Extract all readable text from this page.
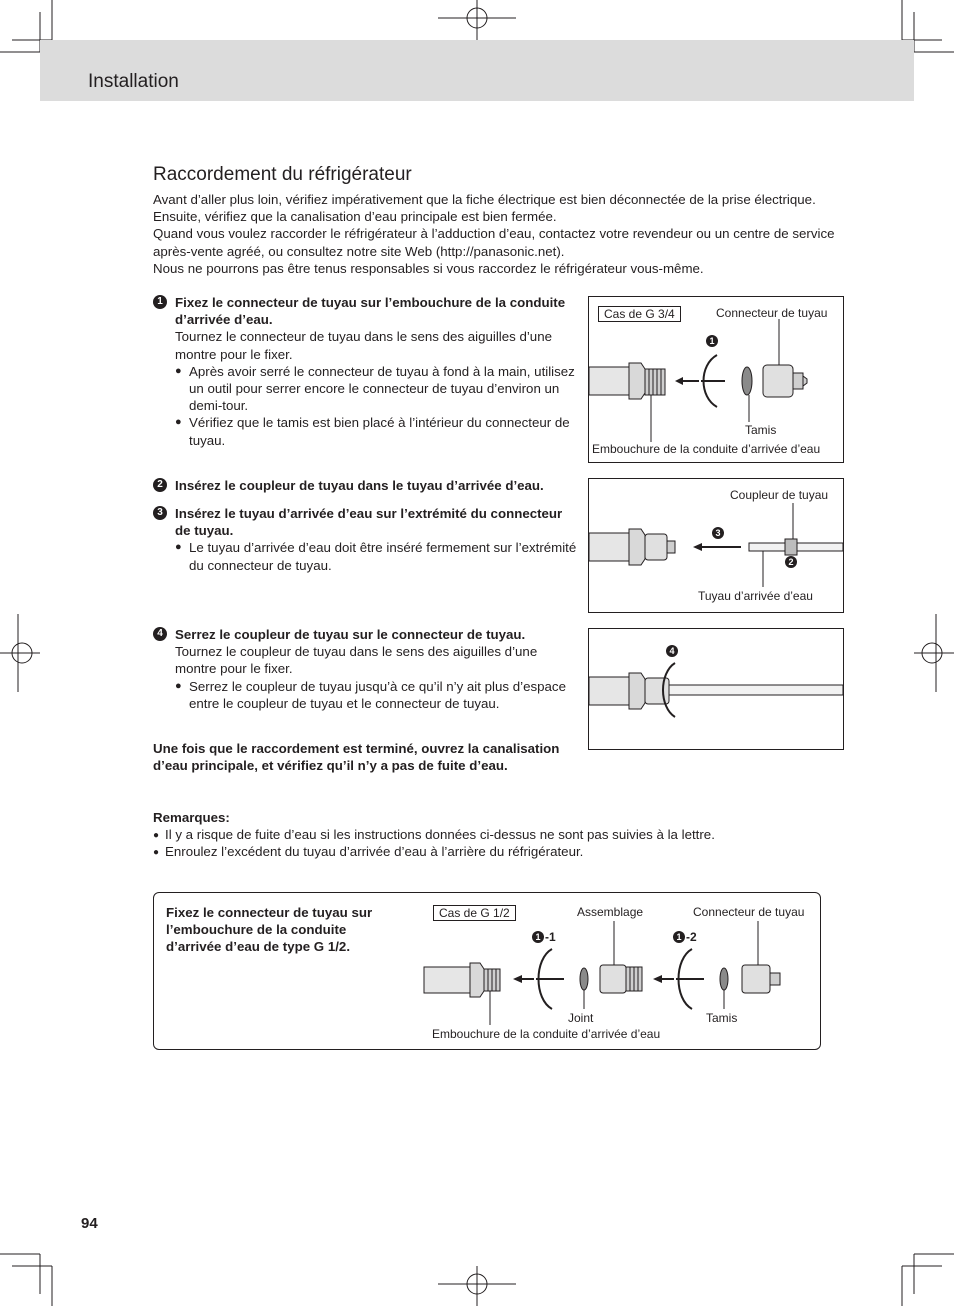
Installation
Raccordement du réfrigérateur

Avant d’aller plus loin, vérifiez impérativement que la fiche électrique est bien déconnectée de la prise électrique. Ensuite, vérifiez que la canalisation d’eau principale est bien fermée.

Quand vous voulez raccorder le réfrigérateur à l’adduction d’eau, contactez votre revendeur ou un centre de service après-vente agréé, ou consultez notre site Web (http://panasonic.net).

Nous ne pourrons pas être tenus responsables si vous raccordez le réfrigérateur vous-même.

1 Fixez le connecteur de tuyau sur l’embouchure de la conduite d’arrivée d’eau.
Tournez le connecteur de tuyau dans le sens des aiguilles d’une montre pour le fixer.
● Après avoir serré le connecteur de tuyau à fond à la main, utilisez un outil pour serrer encore le connecteur de tuyau d’environ un demi-tour.
● Vérifiez que le tamis est bien placé à l’intérieur du connecteur de tuyau.
2 Insérez le coupleur de tuyau dans le tuyau d’arrivée d’eau.
3 Insérez le tuyau d’arrivée d’eau sur l’extrémité du connecteur de tuyau.
● Le tuyau d’arrivée d’eau doit être inséré fermement sur l’extrémité du connecteur de tuyau.
4 Serrez le coupleur de tuyau sur le connecteur de tuyau.
Tournez le coupleur de tuyau dans le sens des aiguilles d’une montre pour le fixer.
● Serrez le coupleur de tuyau jusqu’à ce qu’il n’y ait plus d’espace entre le coupleur de tuyau et le connecteur de tuyau.
Cas de G 3/4	Connecteur de tuyau
Tamis
Embouchure de la conduite d’arrivée d’eau
1
Coupleur de tuyau
Tuyau d’arrivée d’eau
3
2
4
Une fois que le raccordement est terminé, ouvrez la canalisation d’eau principale, et vérifiez qu’il n’y a pas de fuite d’eau.
Remarques:
● Il y a risque de fuite d’eau si les instructions données ci-dessus ne sont pas suivies à la lettre.
● Enroulez l’excédent du tuyau d’arrivée d’eau à l’arrière du réfrigérateur.
Fixez le connecteur de tuyau sur l’embouchure de la conduite d’arrivée d’eau de type G 1/2.
Cas de G 1/2	Assemblage	Connecteur de tuyau
Joint	Tamis
Embouchure de la conduite d’arrivée d’eau
1 -1	1 -2
94
